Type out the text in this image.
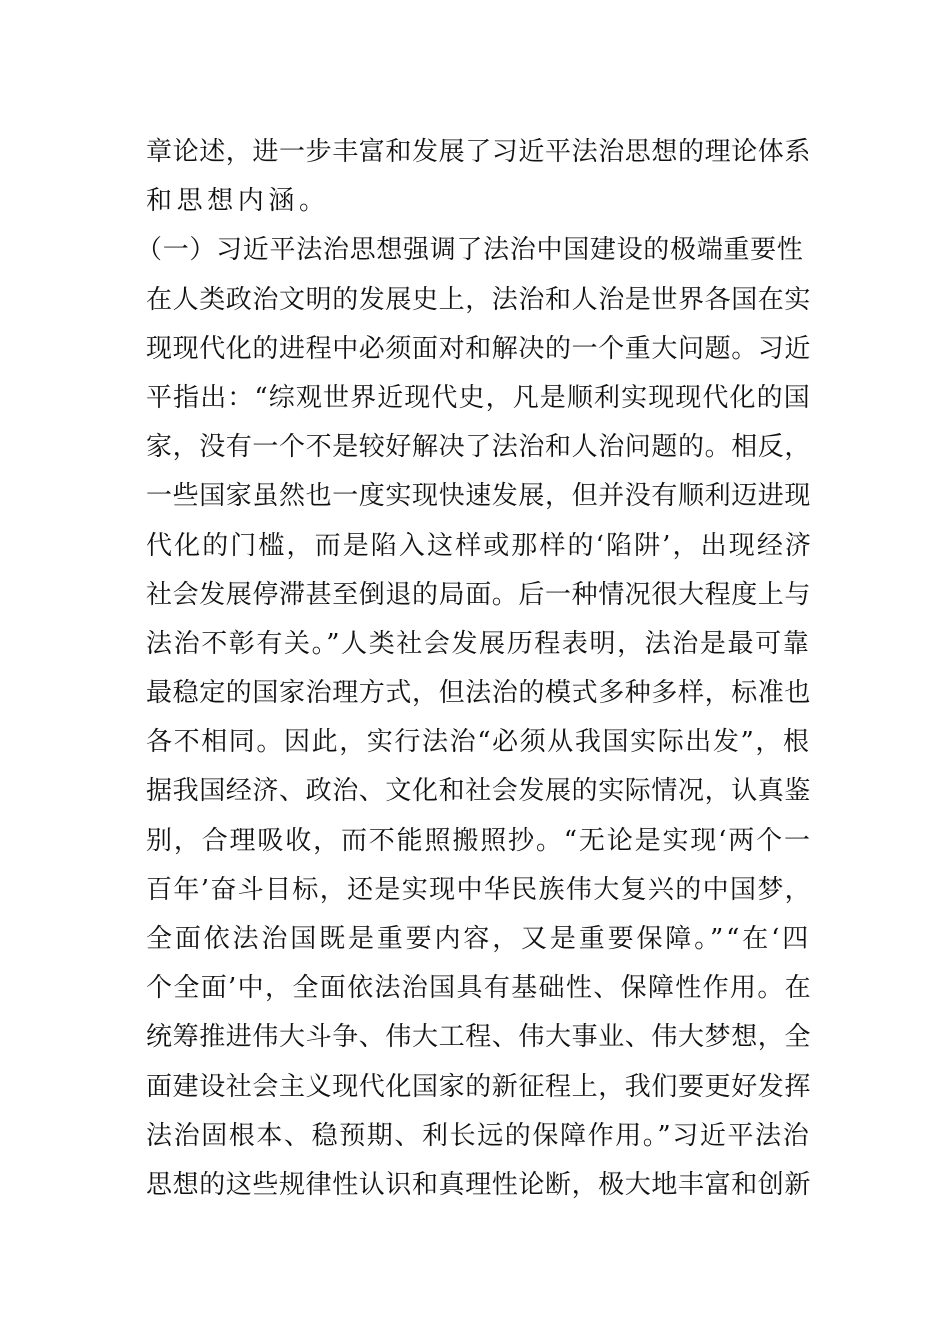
章论述，进一步丰富和发展了习近平法治思想的理论体系
和思想内涵。
（一）习近平法治思想强调了法治中国建设的极端重要性
在人类政治文明的发展史上，法治和人治是世界各国在实
现现代化的进程中必须面对和解决的一个重大问题。习近
平指出：“综观世界近现代史，凡是顺利实现现代化的国
家，没有一个不是较好解决了法治和人治问题的。相反，
一些国家虽然也一度实现快速发展，但并没有顺利迈进现
代化的门槛，而是陷入这样或那样的‘陷阱’，出现经济
社会发展停滞甚至倒退的局面。后一种情况很大程度上与
法治不彰有关。”人类社会发展历程表明，法治是最可靠
最稳定的国家治理方式，但法治的模式多种多样，标准也
各不相同。因此，实行法治“必须从我国实际出发”，根
据我国经济、政治、文化和社会发展的实际情况，认真鉴
别，合理吸收，而不能照搬照抄。“无论是实现‘两个一
百年’奋斗目标，还是实现中华民族伟大复兴的中国梦，
全面依法治国既是重要内容，又是重要保障。”“在‘四
个全面’中，全面依法治国具有基础性、保障性作用。在
统筹推进伟大斗争、伟大工程、伟大事业、伟大梦想，全
面建设社会主义现代化国家的新征程上，我们要更好发挥
法治固根本、稳预期、利长远的保障作用。”习近平法治
思想的这些规律性认识和真理性论断，极大地丰富和创新
